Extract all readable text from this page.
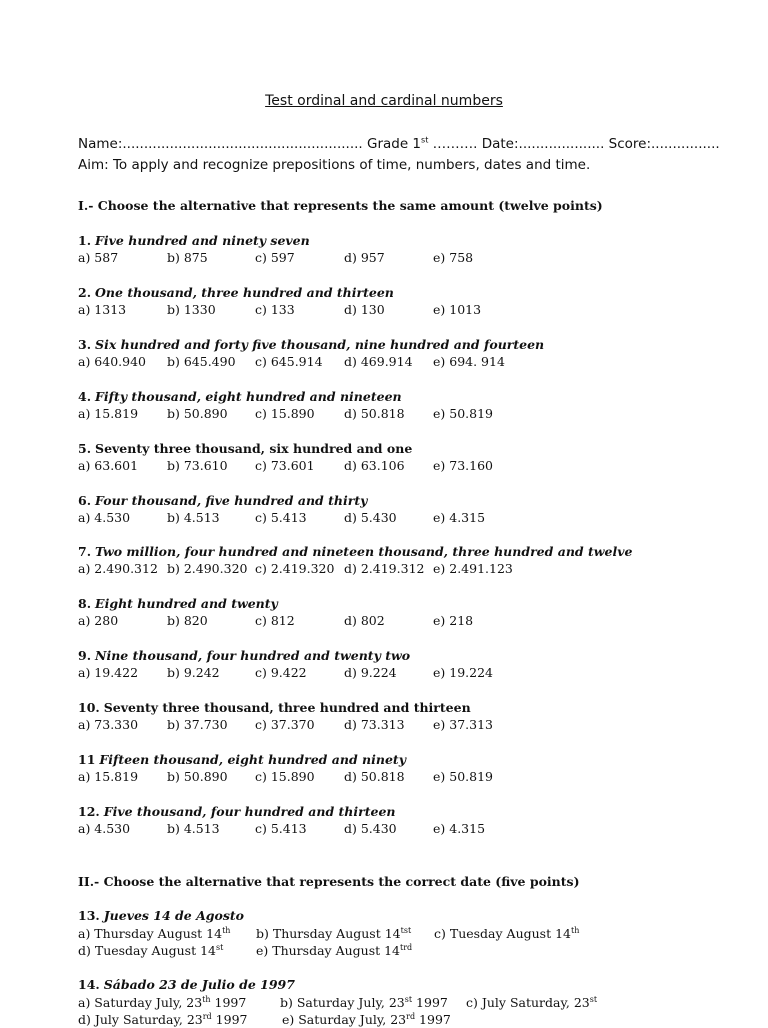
Test ordinal and cardinal numbers
Name:........................................................ Grade 1st ………. Date:.................... Score:................
Aim: To apply and recognize prepositions of time, numbers, dates and time.
I.- Choose the alternative that represents the same amount (twelve points)
1. Five hundred and ninety seven
a) 587	b) 875	c) 597	d) 957	e) 758
2. One thousand, three hundred and thirteen
a) 1313	b) 1330	c) 133	d) 130	e) 1013
3. Six hundred and forty five thousand, nine hundred and fourteen
a) 640.940 b) 645.490 c) 645.914 d) 469.914 e) 694. 914
4. Fifty thousand, eight hundred and nineteen
a) 15.819 b) 50.890 c) 15.890 d) 50.818 e) 50.819
5. Seventy three thousand, six hundred and one
a) 63.601 b) 73.610 c) 73.601 d) 63.106 e) 73.160
6. Four thousand, five hundred and thirty
a) 4.530	b) 4.513	c) 5.413	d) 5.430	e) 4.315
7. Two million, four hundred and nineteen thousand, three hundred and twelve
a) 2.490.312 b) 2.490.320 c) 2.419.320 d) 2.419.312 e) 2.491.123
8. Eight hundred and twenty
a) 280	b) 820	c) 812	d) 802	e) 218
9. Nine thousand, four hundred and twenty two
a) 19.422 b) 9.242	c) 9.422	d) 9.224	e) 19.224
10. Seventy three thousand, three hundred and thirteen
a) 73.330 b) 37.730 c) 37.370 d) 73.313 e) 37.313
11 Fifteen thousand, eight hundred and ninety
a) 15.819 b) 50.890 c) 15.890 d) 50.818 e) 50.819
12. Five thousand, four hundred and thirteen
a) 4.530	b) 4.513	c) 5.413	d) 5.430	e) 4.315
II.- Choose the alternative that represents the correct date (five points)
13. Jueves 14 de Agosto
a) Thursday August 14th b) Thursday August $14^{tst}$ c) Tuesday August 14th
d) Tuesday August 14st	e) Thursday August $14^{trd}$
14. Sábado 23 de Julio de 1997
a) Saturday July, 23th 1997	b) Saturday July, 23st 1997 c) July Saturday, 23st
d) July Saturday, 23rd 1997	e) Saturday July, 23rd 1997
